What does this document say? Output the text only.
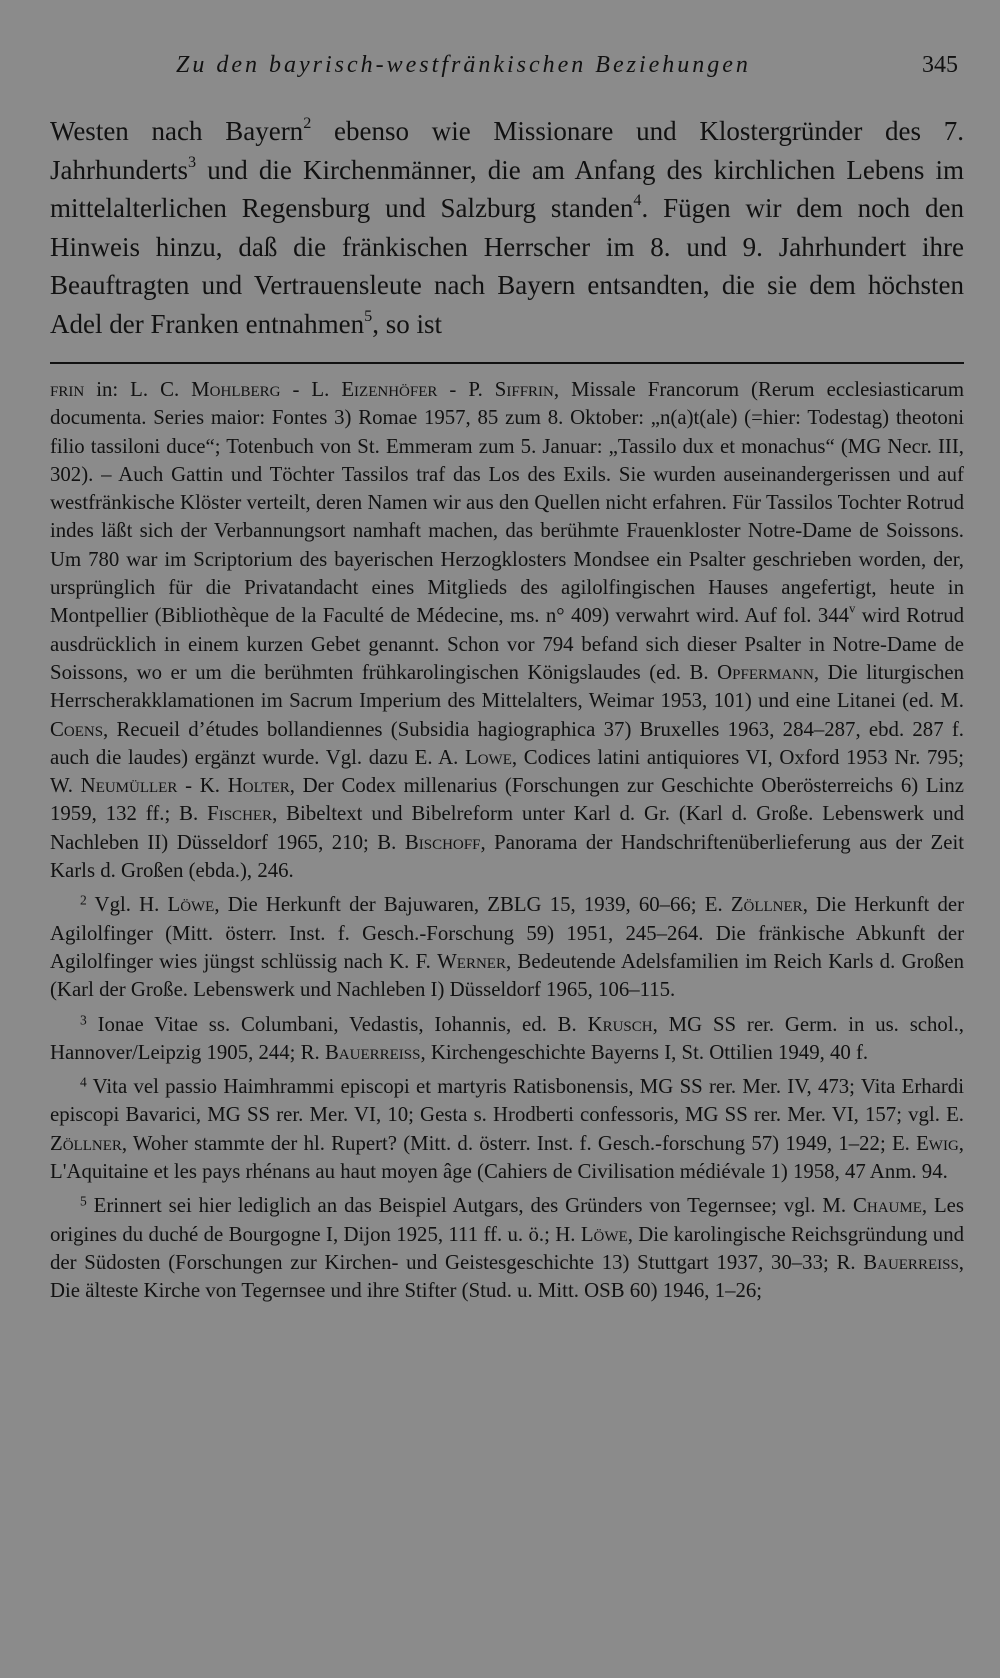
Zu den bayrisch-westfränkischen Beziehungen	345

Westen nach Bayern$^2$ ebenso wie Missionare und Klostergründer des 7. Jahrhunderts$^3$ und die Kirchenmänner, die am Anfang des kirchlichen Lebens im mittelalterlichen Regensburg und Salzburg standen$^4$. Fügen wir dem noch den Hinweis hinzu, daß die fränkischen Herrscher im 8. und 9. Jahrhundert ihre Beauftragten und Vertrauensleute nach Bayern entsandten, die sie dem höchsten Adel der Franken entnahmen$^5$, so ist

frin in: L. C. Mohlberg - L. Eizenhöfer - P. Siffrin, Missale Francorum (Rerum ecclesiasticarum documenta. Series maior: Fontes 3) Romae 1957, 85 zum 8. Oktober: „n(a)t(ale) (=hier: Todestag) theotoni filio tassiloni duce“; Totenbuch von St. Emmeram zum 5. Januar: „Tassilo dux et monachus“ (MG Necr. III, 302). – Auch Gattin und Töchter Tassilos traf das Los des Exils. Sie wurden auseinandergerissen und auf westfränkische Klöster verteilt, deren Namen wir aus den Quellen nicht erfahren. Für Tassilos Tochter Rotrud indes läßt sich der Verbannungsort namhaft machen, das berühmte Frauenkloster Notre-Dame de Soissons. Um 780 war im Scriptorium des bayerischen Herzogklosters Mondsee ein Psalter geschrieben worden, der, ursprünglich für die Privatandacht eines Mitglieds des agilolfingischen Hauses angefertigt, heute in Montpellier (Bibliothèque de la Faculté de Médecine, ms. n° 409) verwahrt wird. Auf fol. 344$^v$ wird Rotrud ausdrücklich in einem kurzen Gebet genannt. Schon vor 794 befand sich dieser Psalter in Notre-Dame de Soissons, wo er um die berühmten frühkarolingischen Königslaudes (ed. B. Opfermann, Die liturgischen Herrscherakklamationen im Sacrum Imperium des Mittelalters, Weimar 1953, 101) und eine Litanei (ed. M. Coens, Recueil d’études bollandiennes (Subsidia hagiographica 37) Bruxelles 1963, 284–287, ebd. 287 f. auch die laudes) ergänzt wurde. Vgl. dazu E. A. Lowe, Codices latini antiquiores VI, Oxford 1953 Nr. 795; W. Neumüller - K. Holter, Der Codex millenarius (Forschungen zur Geschichte Oberösterreichs 6) Linz 1959, 132 ff.; B. Fischer, Bibeltext und Bibelreform unter Karl d. Gr. (Karl d. Große. Lebenswerk und Nachleben II) Düsseldorf 1965, 210; B. Bischoff, Panorama der Handschriftenüberlieferung aus der Zeit Karls d. Großen (ebda.), 246.

$^2$ Vgl. H. Löwe, Die Herkunft der Bajuwaren, ZBLG 15, 1939, 60–66; E. Zöllner, Die Herkunft der Agilolfinger (Mitt. österr. Inst. f. Gesch.-Forschung 59) 1951, 245–264. Die fränkische Abkunft der Agilolfinger wies jüngst schlüssig nach K. F. Werner, Bedeutende Adelsfamilien im Reich Karls d. Großen (Karl der Große. Lebenswerk und Nachleben I) Düsseldorf 1965, 106–115.

$^3$ Ionae Vitae ss. Columbani, Vedastis, Iohannis, ed. B. Krusch, MG SS rer. Germ. in us. schol., Hannover/Leipzig 1905, 244; R. Bauerreiss, Kirchengeschichte Bayerns I, St. Ottilien 1949, 40 f.

$^4$ Vita vel passio Haimhrammi episcopi et martyris Ratisbonensis, MG SS rer. Mer. IV, 473; Vita Erhardi episcopi Bavarici, MG SS rer. Mer. VI, 10; Gesta s. Hrodberti confessoris, MG SS rer. Mer. VI, 157; vgl. E. Zöllner, Woher stammte der hl. Rupert? (Mitt. d. österr. Inst. f. Gesch.-forschung 57) 1949, 1–22; E. Ewig, L'Aquitaine et les pays rhénans au haut moyen âge (Cahiers de Civilisation médiévale 1) 1958, 47 Anm. 94.

$^5$ Erinnert sei hier lediglich an das Beispiel Autgars, des Gründers von Tegernsee; vgl. M. Chaume, Les origines du duché de Bourgogne I, Dijon 1925, 111 ff. u. ö.; H. Löwe, Die karolingische Reichsgründung und der Südosten (Forschungen zur Kirchen- und Geistesgeschichte 13) Stuttgart 1937, 30–33; R. Bauerreiss, Die älteste Kirche von Tegernsee und ihre Stifter (Stud. u. Mitt. OSB 60) 1946, 1–26;
